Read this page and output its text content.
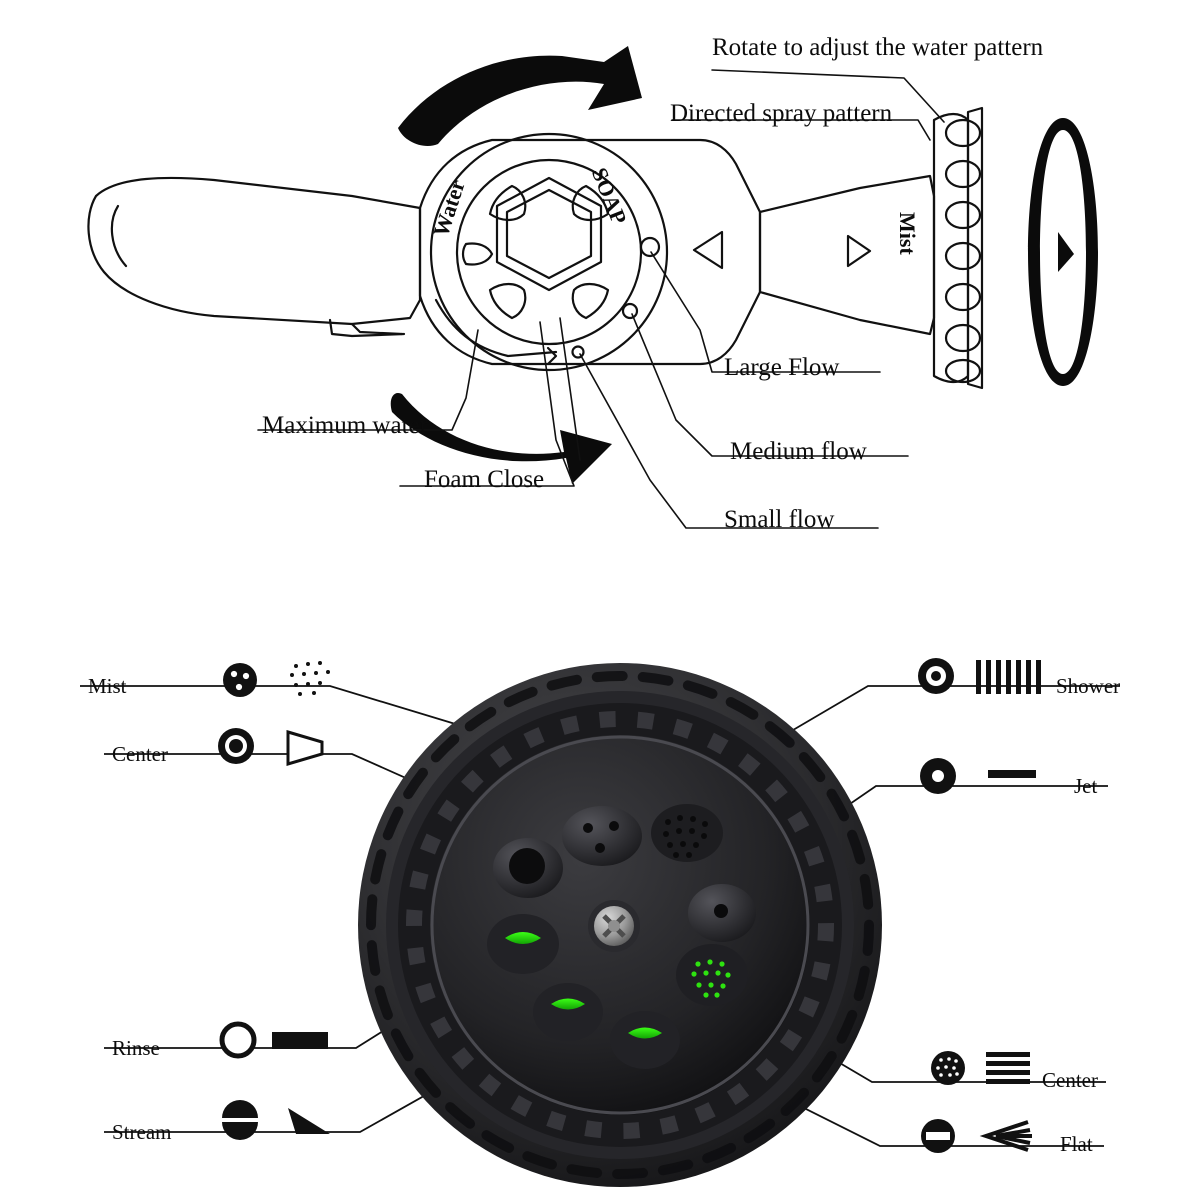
Rotate to adjust the water pattern
Directed spray pattern
Large Flow
Medium flow
Small flow
Foam Close
Maximum water
SOAP
Water	Mist
Mist
Center
Rinse
Stream
Shower
Jet
Center
Flat
